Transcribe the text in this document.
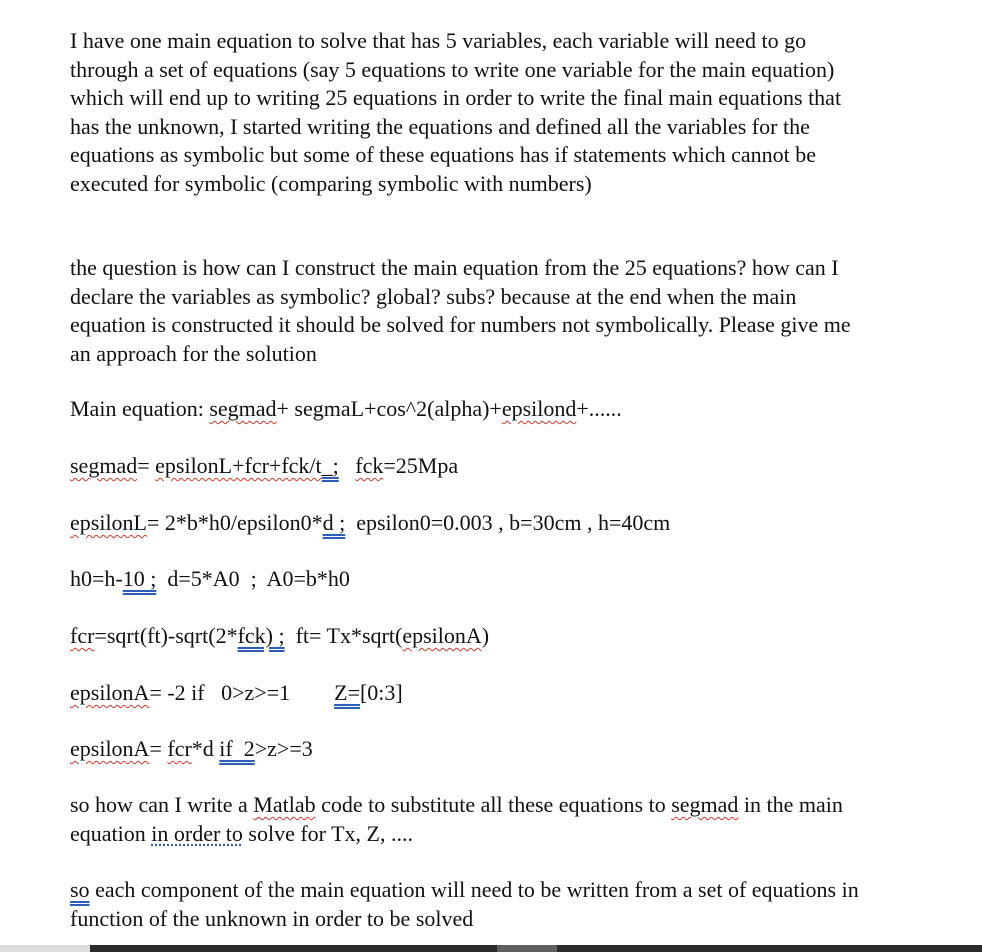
I have one main equation to solve that has 5 variables, each variable will need to go through a set of equations (say 5 equations to write one variable for the main equation) which will end up to writing 25 equations in order to write the final main equations that has the unknown, I started writing the equations and defined all the variables for the equations as symbolic but some of these equations has if statements which cannot be executed for symbolic (comparing symbolic with numbers)

the question is how can I construct the main equation from the 25 equations? how can I declare the variables as symbolic? global? subs? because at the end when the main equation is constructed it should be solved for numbers not symbolically. Please give me an approach for the solution

Main equation: segmad+ segmaL+cos^2(alpha)+epsilond+......
segmad= epsilonL+fcr+fck/t_; fck=25Mpa
epsilonL= 2*b*h0/epsilon0*d ;  epsilon0=0.003 , b=30cm , h=40cm
h0=h-10 ;  d=5*A0  ;  A0=b*h0
fcr=sqrt(ft)-sqrt(2*fck) ;  ft= Tx*sqrt(epsilonA)
epsilonA= -2 if   0>z>=1        Z=[0:3]
epsilonA= fcr*d if  2>z>=3

so how can I write a Matlab code to substitute all these equations to segmad in the main equation in order to solve for Tx, Z, ....

so each component of the main equation will need to be written from a set of equations in function of the unknown in order to be solved
